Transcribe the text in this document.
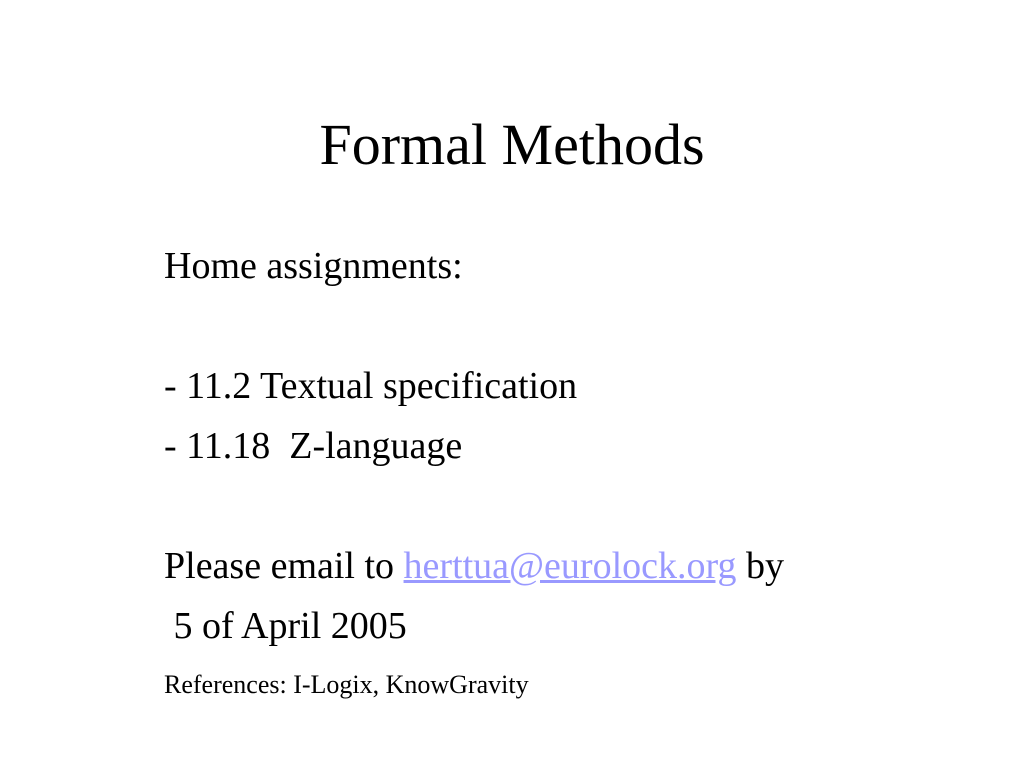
Formal Methods
Home assignments:
- 11.2 Textual specification
- 11.18  Z-language
Please email to herttua@eurolock.org by
5 of April 2005
References: I-Logix, KnowGravity
